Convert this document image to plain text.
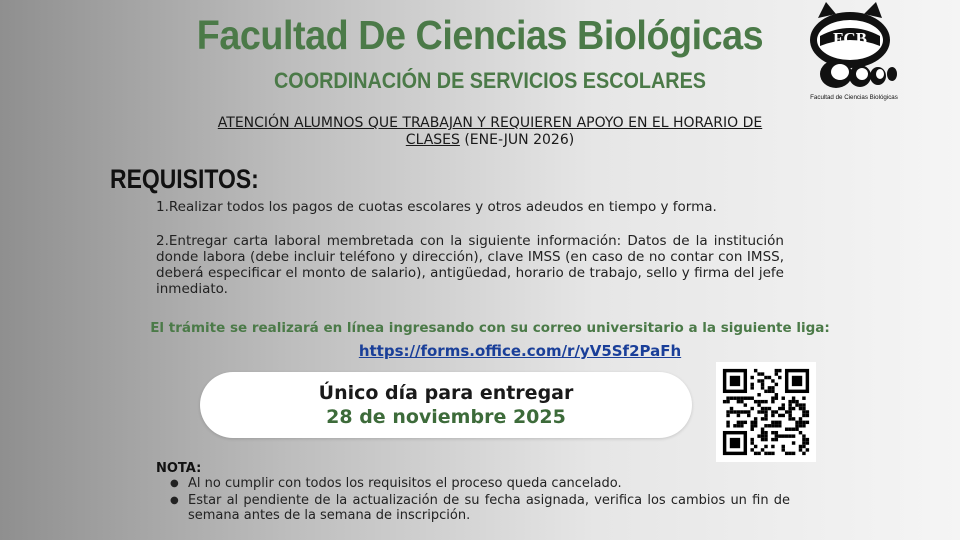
Facultad De Ciencias Biológicas
COORDINACIÓN DE SERVICIOS ESCOLARES
FCB
Facultad de Ciencias Biológicas
ATENCIÓN ALUMNOS QUE TRABAJAN Y REQUIEREN APOYO EN EL HORARIO DE CLASES (ENE-JUN 2026)
REQUISITOS:

1.Realizar todos los pagos de cuotas escolares y otros adeudos en tiempo y forma.

2.Entregar carta laboral membretada con la siguiente información: Datos de la institución donde labora (debe incluir teléfono y dirección), clave IMSS (en caso de no contar con IMSS, deberá especificar el monto de salario), antigüedad, horario de trabajo, sello y firma del jefe inmediato.

El trámite se realizará en línea ingresando con su correo universitario a la siguiente liga:
https://forms.office.com/r/yV5Sf2PaFh
Único día para entregar
28 de noviembre 2025
NOTA:
● Al no cumplir con todos los requisitos el proceso queda cancelado.
● Estar al pendiente de la actualización de su fecha asignada, verifica los cambios un fin de semana antes de la semana de inscripción.
